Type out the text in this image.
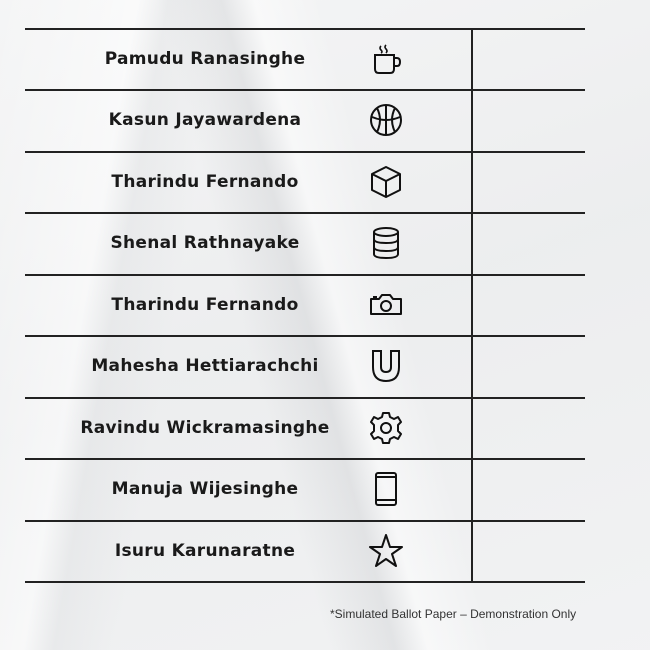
Pamudu Ranasinghe
Kasun Jayawardena
Tharindu Fernando
Shenal Rathnayake
Tharindu Fernando
Mahesha Hettiarachchi
Ravindu Wickramasinghe
Manuja Wijesinghe
Isuru Karunaratne
*Simulated Ballot Paper – Demonstration Only
